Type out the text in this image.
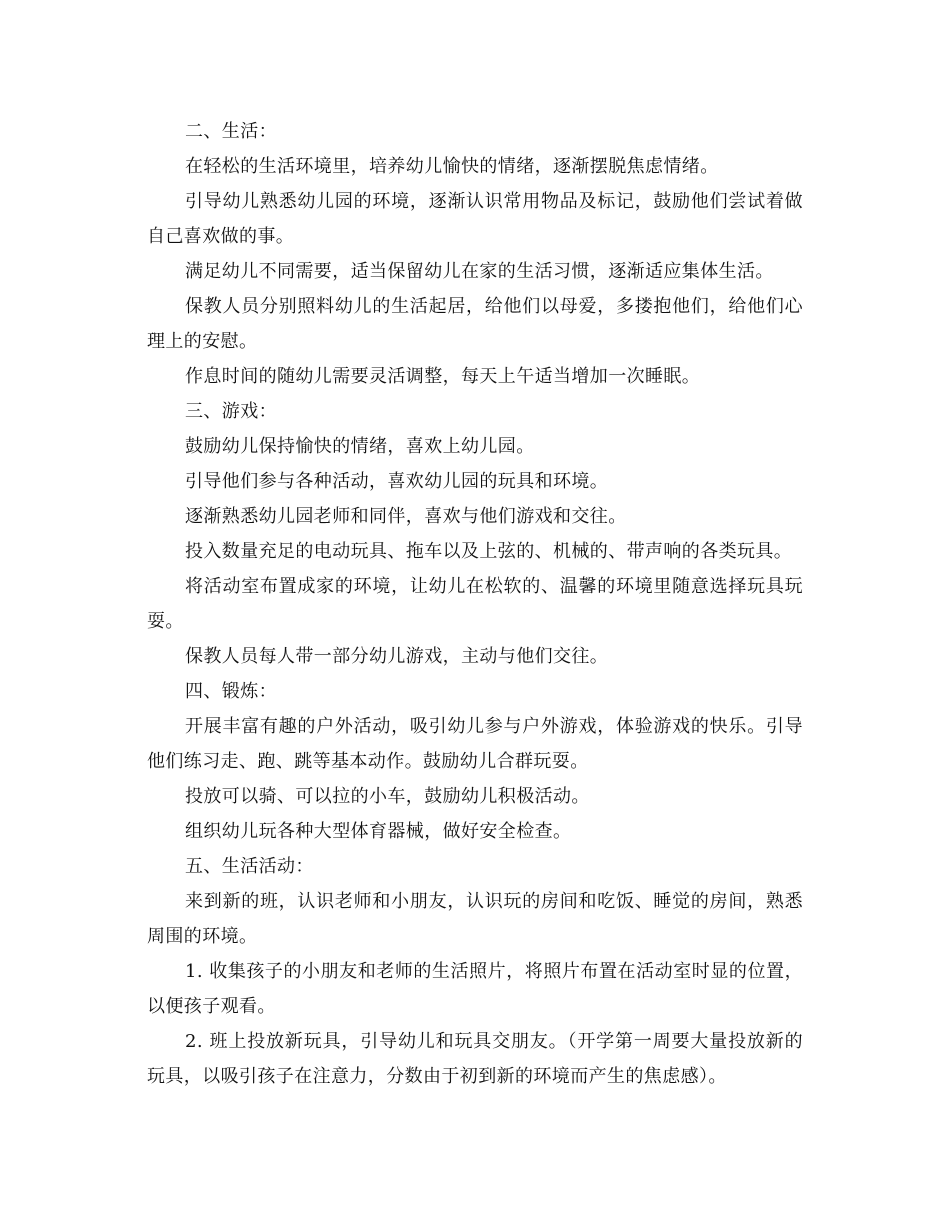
二、生活：

在轻松的生活环境里，培养幼儿愉快的情绪，逐渐摆脱焦虑情绪。

引导幼儿熟悉幼儿园的环境，逐渐认识常用物品及标记，鼓励他们尝试着做自己喜欢做的事。

满足幼儿不同需要，适当保留幼儿在家的生活习惯，逐渐适应集体生活。

保教人员分别照料幼儿的生活起居，给他们以母爱，多搂抱他们，给他们心理上的安慰。

作息时间的随幼儿需要灵活调整，每天上午适当增加一次睡眠。

三、游戏：

鼓励幼儿保持愉快的情绪，喜欢上幼儿园。

引导他们参与各种活动，喜欢幼儿园的玩具和环境。

逐渐熟悉幼儿园老师和同伴，喜欢与他们游戏和交往。

投入数量充足的电动玩具、拖车以及上弦的、机械的、带声响的各类玩具。

将活动室布置成家的环境，让幼儿在松软的、温馨的环境里随意选择玩具玩耍。

保教人员每人带一部分幼儿游戏，主动与他们交往。

四、锻炼：

开展丰富有趣的户外活动，吸引幼儿参与户外游戏，体验游戏的快乐。引导他们练习走、跑、跳等基本动作。鼓励幼儿合群玩耍。

投放可以骑、可以拉的小车，鼓励幼儿积极活动。

组织幼儿玩各种大型体育器械，做好安全检查。

五、生活活动：

来到新的班，认识老师和小朋友，认识玩的房间和吃饭、睡觉的房间，熟悉周围的环境。

1. 收集孩子的小朋友和老师的生活照片，将照片布置在活动室时显的位置，以便孩子观看。

2. 班上投放新玩具，引导幼儿和玩具交朋友。（开学第一周要大量投放新的玩具，以吸引孩子在注意力，分数由于初到新的环境而产生的焦虑感）。
